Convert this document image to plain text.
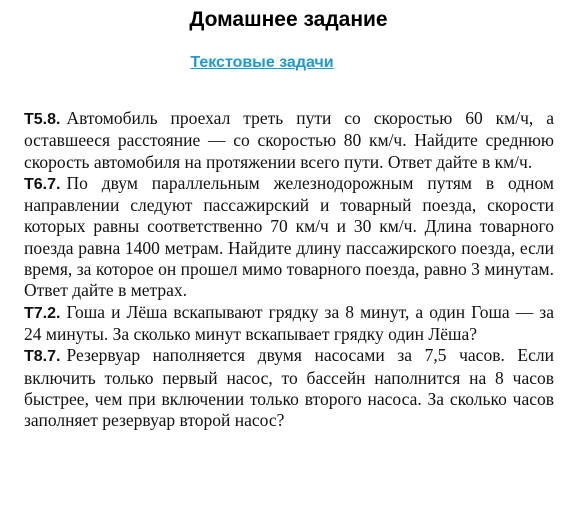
Домашнее задание
Текстовые задачи

Т5.8. Автомобиль проехал треть пути со скоростью 60 км/ч, а оставшееся расстояние — со скоростью 80 км/ч. Найдите среднюю скорость автомобиля на протяжении всего пути. Ответ дайте в км/ч.

Т6.7. По двум параллельным железнодорожным путям в одном направлении следуют пассажирский и товарный поезда, скорости которых равны соответственно 70 км/ч и 30 км/ч. Длина товарного поезда равна 1400 метрам. Найдите длину пассажирского поезда, если время, за которое он прошел мимо товарного поезда, равно 3 минутам. Ответ дайте в метрах.

Т7.2. Гоша и Лёша вскапывают грядку за 8 минут, а один Гоша — за 24 минуты. За сколько минут вскапывает грядку один Лёша?

Т8.7. Резервуар наполняется двумя насосами за 7,5 часов. Если включить только первый насос, то бассейн наполнится на 8 часов быстрее, чем при включении только второго насоса. За сколько часов заполняет резервуар второй насос?
